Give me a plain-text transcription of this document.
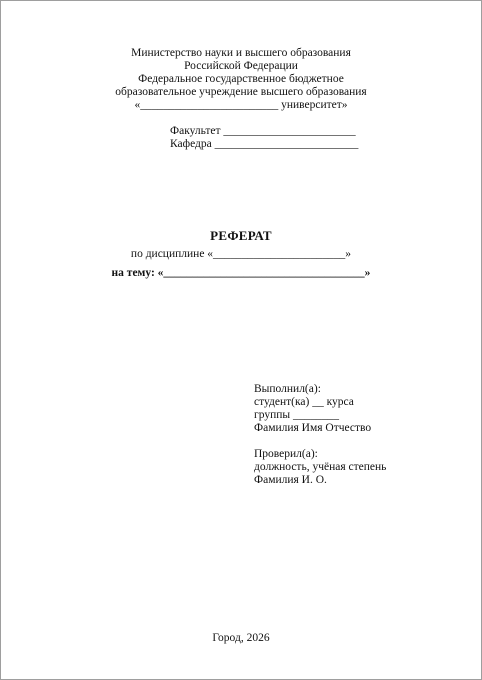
Министерство науки и высшего образования
Российской Федерации
Федеральное государственное бюджетное
образовательное учреждение высшего образования
«________________________ университет»
Факультет _______________________
Кафедра _________________________
РЕФЕРАТ
по дисциплине «_______________________»
на тему: «___________________________________»
Выполнил(а):
студент(ка) __ курса
группы ________
Фамилия Имя Отчество
Проверил(а):
должность, учёная степень
Фамилия И. О.
Город, 2026
